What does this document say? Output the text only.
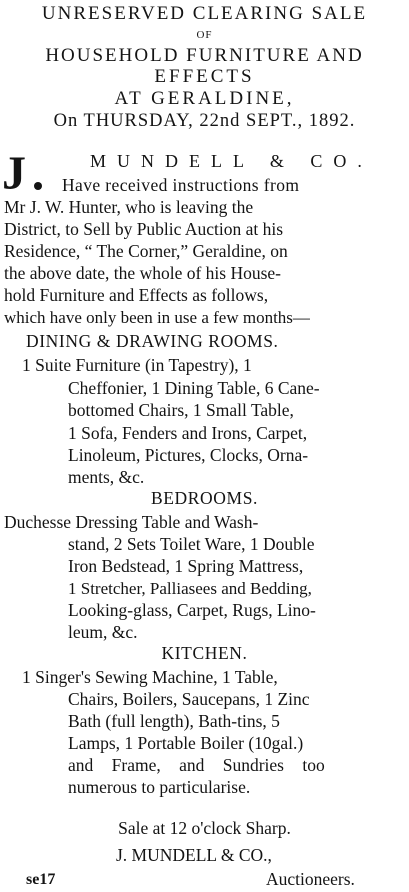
UNRESERVED CLEARING SALE
OF
HOUSEHOLD FURNITURE AND
EFFECTS
AT GERALDINE,
On THURSDAY, 22nd SEPT., 1892.
J	MUNDELL & CO.
Have received instructions from
Mr J. W. Hunter, who is leaving the
District, to Sell by Public Auction at his
Residence, “ The Corner,” Geraldine, on
the above date, the whole of his House-
hold Furniture and Effects as follows,
which have only been in use a few months—
DINING & DRAWING ROOMS.
1 Suite Furniture (in Tapestry), 1
Cheffonier, 1 Dining Table, 6 Cane-
bottomed Chairs, 1 Small Table,
1 Sofa, Fenders and Irons, Carpet,
Linoleum, Pictures, Clocks, Orna-
ments, &c.
BEDROOMS.
Duchesse Dressing Table and Wash-
stand, 2 Sets Toilet Ware, 1 Double
Iron Bedstead, 1 Spring Mattress,
1 Stretcher, Palliasees and Bedding,
Looking-glass, Carpet, Rugs, Lino-
leum, &c.
KITCHEN.
1 Singer's Sewing Machine, 1 Table,
Chairs, Boilers, Saucepans, 1 Zinc
Bath (full length), Bath-tins, 5
Lamps, 1 Portable Boiler (10gal.)
and Frame, and Sundries too
numerous to particularise.
Sale at 12 o'clock Sharp.
J. MUNDELL & CO.,
se17	Auctioneers.
